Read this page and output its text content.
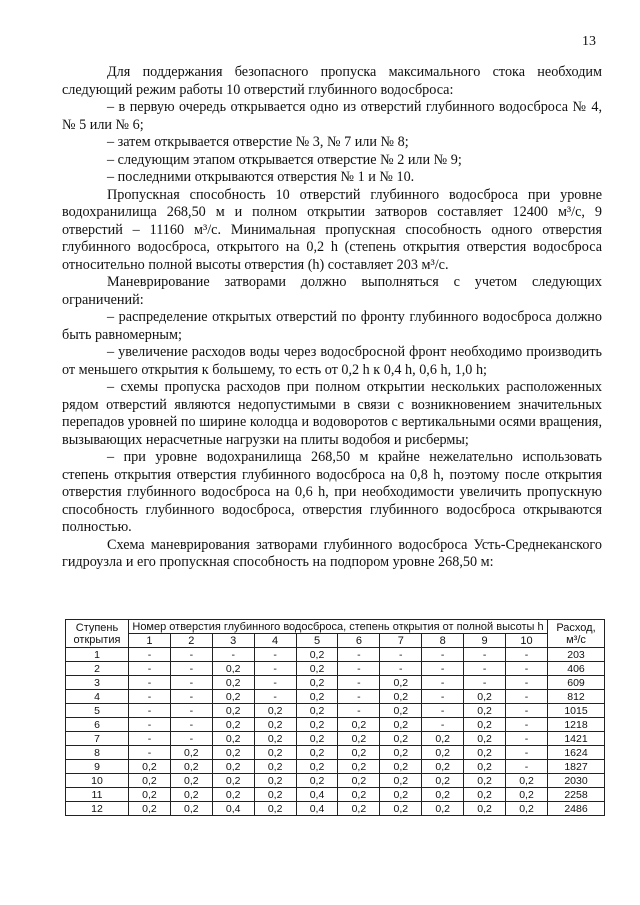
13

Для поддержания безопасного пропуска максимального стока необходим следующий режим работы 10 отверстий глубинного водосброса:

– в первую очередь открывается одно из отверстий глубинного водосброса № 4, № 5 или № 6;

– затем открывается отверстие № 3, № 7 или № 8;

– следующим этапом открывается отверстие № 2 или № 9;

– последними открываются отверстия № 1 и № 10.

Пропускная способность 10 отверстий глубинного водосброса при уровне водохранилища 268,50 м и полном открытии затворов составляет 12400 м³/с, 9 отверстий – 11160 м³/с. Минимальная пропускная способность одного отверстия глубинного водосброса, открытого на 0,2 h (степень открытия отверстия водосброса относительно полной высоты отверстия (h) составляет 203 м³/с.

Маневрирование затворами должно выполняться с учетом следующих ограничений:

– распределение открытых отверстий по фронту глубинного водосброса должно быть равномерным;

– увеличение расходов воды через водосбросной фронт необходимо производить от меньшего открытия к большему, то есть от 0,2 h к 0,4 h, 0,6 h, 1,0 h;

– схемы пропуска расходов при полном открытии нескольких расположенных рядом отверстий являются недопустимыми в связи с возникновением значительных перепадов уровней по ширине колодца и водоворотов с вертикальными осями вращения, вызывающих нерасчетные нагрузки на плиты водобоя и рисбермы;

– при уровне водохранилища 268,50 м крайне нежелательно использовать степень открытия отверстия глубинного водосброса на 0,8 h, поэтому после открытия отверстия глубинного водосброса на 0,6 h, при необходимости увеличить пропускную способность глубинного водосброса, отверстия глубинного водосброса открываются полностью.

Схема маневрирования затворами глубинного водосброса Усть-Среднеканского гидроузла и его пропускная способность на подпором уровне 268,50 м:

Ступень открытия	Номер отверстия глубинного водосброса, степень открытия от полной высоты h										Расход, м³/с
	1	2	3	4	5	6	7	8	9	10	
1	-	-	-	-	0,2	-	-	-	-	-	203
2	-	-	0,2	-	0,2	-	-	-	-	-	406
3	-	-	0,2	-	0,2	-	0,2	-	-	-	609
4	-	-	0,2	-	0,2	-	0,2	-	0,2	-	812
5	-	-	0,2	0,2	0,2	-	0,2	-	0,2	-	1015
6	-	-	0,2	0,2	0,2	0,2	0,2	-	0,2	-	1218
7	-	-	0,2	0,2	0,2	0,2	0,2	0,2	0,2	-	1421
8	-	0,2	0,2	0,2	0,2	0,2	0,2	0,2	0,2	-	1624
9	0,2	0,2	0,2	0,2	0,2	0,2	0,2	0,2	0,2	-	1827
10	0,2	0,2	0,2	0,2	0,2	0,2	0,2	0,2	0,2	0,2	2030
11	0,2	0,2	0,2	0,2	0,4	0,2	0,2	0,2	0,2	0,2	2258
12	0,2	0,2	0,4	0,2	0,4	0,2	0,2	0,2	0,2	0,2	2486
